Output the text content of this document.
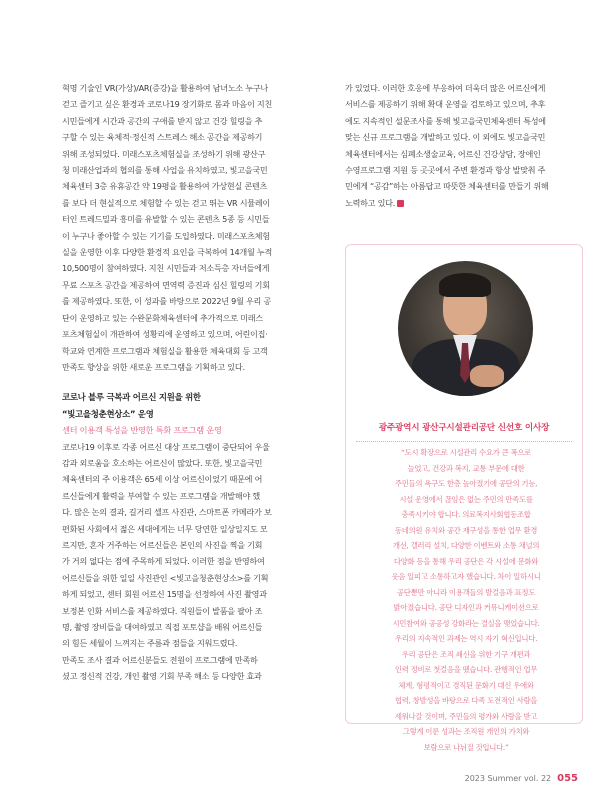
혁명 기술인 VR(가상)/AR(증강)을 활용하여 남녀노소 누구나

걷고 즐기고 싶은 환경과 코로나19 장기화로 몸과 마음이 지친

시민들에게 시간과 공간의 구애를 받지 않고 건강 힐링을 추

구할 수 있는 육체적·정신적 스트레스 해소 공간을 제공하기

위해 조성되었다. 미래스포츠체험실을 조성하기 위해 광산구

청 미래산업과의 협의를 통해 사업을 유치하였고, 빛고을국민

체육센터 3층 유휴공간 약 19평을 활용하여 가상현실 콘텐츠

를 보다 더 현실적으로 체험할 수 있는 걷고 뛰는 VR 시뮬레이

터인 트레드밀과 흥미를 유발할 수 있는 콘텐츠 5종 등 시민들

이 누구나 좋아할 수 있는 기기를 도입하였다. 미래스포츠체험

실을 운영한 이후 다양한 환경적 요인을 극복하여 14개월 누적

10,500명이 참여하였다. 지친 시민들과 저소득층 자녀들에게

무료 스포츠 공간을 제공하여 면역력 증진과 심신 힐링의 기회

를 제공하였다. 또한, 이 성과를 바탕으로 2022년 9월 우리 공

단이 운영하고 있는 수완문화체육센터에 추가적으로 미래스

포츠체험실이 개관하여 성황리에 운영하고 있으며, 어린이집·

학교와 연계한 프로그램과 체험실을 활용한 체육대회 등 고객

만족도 향상을 위한 새로운 프로그램을 기획하고 있다.

코로나 블루 극복과 어르신 지원을 위한

“빛고을청춘현상소” 운영

센터 이용객 특성을 반영한 특화 프로그램 운영

코로나19 이후로 각종 어르신 대상 프로그램이 중단되어 우울

감과 외로움을 호소하는 어르신이 많았다. 또한, 빛고을국민

체육센터의 주 이용객은 65세 이상 어르신이었기 때문에 어

르신들에게 활력을 부여할 수 있는 프로그램을 개발해야 했

다. 많은 논의 결과, 길거리 셀프 사진관, 스마트폰 카메라가 보

편화된 사회에서 젊은 세대에게는 너무 당연한 일상일지도 모

르지만, 혼자 거주하는 어르신들은 본인의 사진을 찍을 기회

가 거의 없다는 점에 주목하게 되었다. 이러한 점을 반영하여

어르신들을 위한 일일 사진관인 <빛고을청춘현상소>를 기획

하게 되었고, 센터 회원 어르신 15명을 선정하여 사진 촬영과

보정본 인화 서비스를 제공하였다. 직원들이 발품을 팔아 조

명, 촬영 장비들을 대여하였고 직접 포토샵을 배워 어르신들

의 힘든 세월이 느껴지는 주름과 점들을 지워드렸다.

만족도 조사 결과 어르신분들도 전원이 프로그램에 만족하

셨고 정신적 건강, 개인 촬영 기회 부족 해소 등 다양한 효과

가 있었다. 이러한 호응에 부응하여 더욱더 많은 어르신에게

서비스를 제공하기 위해 확대 운영을 검토하고 있으며, 추후

에도 지속적인 설문조사를 통해 빛고을국민체육센터 특성에

맞는 신규 프로그램을 개발하고 있다. 이 외에도 빛고을국민

체육센터에서는 심폐소생술교육, 어르신 건강상담, 장애인

수영프로그램 지원 등 곳곳에서 주변 환경과 항상 발맞춰 주

민에게 “공감”하는 아름답고 따뜻한 체육센터를 만들기 위해

노력하고 있다.

광주광역시 광산구시설관리공단 신선호 이사장

“도시 확장으로 시설관리 수요가 큰 폭으로

늘었고, 건강과 복지, 교통 부문에 대한

주민들의 욕구도 한층 높아졌기에 공단의 기능,

시설 운영에서 끊임은 없는 주민의 만족도를

충족시키야 합니다. 의료복지사회협동조합

동네의원 유치와 공간 재구성을 통한 업무 환경

개선, 갤러리 설치, 다양한 이벤트와 소통 채널의

다양화 등을 통해 우리 공단은 각 시설에 문화와

웃음 일피고 소통하고자 했습니다. 차이 일하시니

공단뿐만 아니라 이용객들의 발걸음과 표정도

밝아졌습니다. 공단 디자인과 커뮤니케이션으로

시민참여와 공공성 강화라는 결실을 맺었습니다.

우리의 지속적인 과제는 역시 자기 혁신입니다.

우리 공단은 조직 쇄신을 위한 기구 개편과

인력 정비로 첫걸음을 뗐습니다. 관행적인 업무

체계, 형평적이고 경직된 문화기 대신 우애와

협력, 창발성을 바탕으로 다족 도전적인 사람을

세워나갈 것이며, 주민들의 평가와 사랑을 받고

그렇게 이룬 성과는 조직원 개인의 가치와

보람으로 나뉘질 것입니다.”

2023 Summer vol. 22 055
